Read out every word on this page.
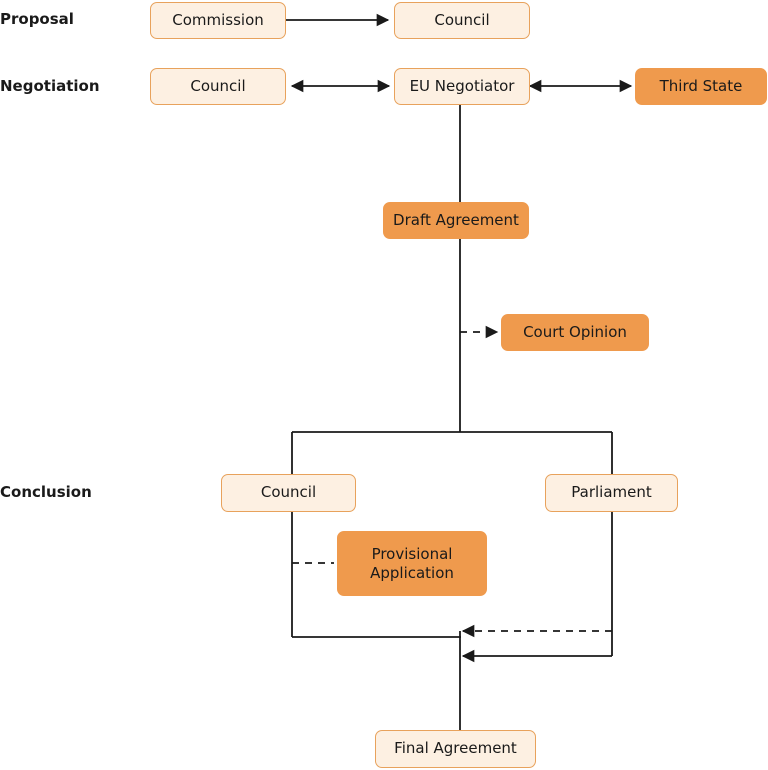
Proposal
Negotiation
Conclusion
Commission	Council
Council	EU Negotiator	Third State
Draft Agreement
Court Opinion
Council	Parliament
Provisional
Application
Final Agreement
